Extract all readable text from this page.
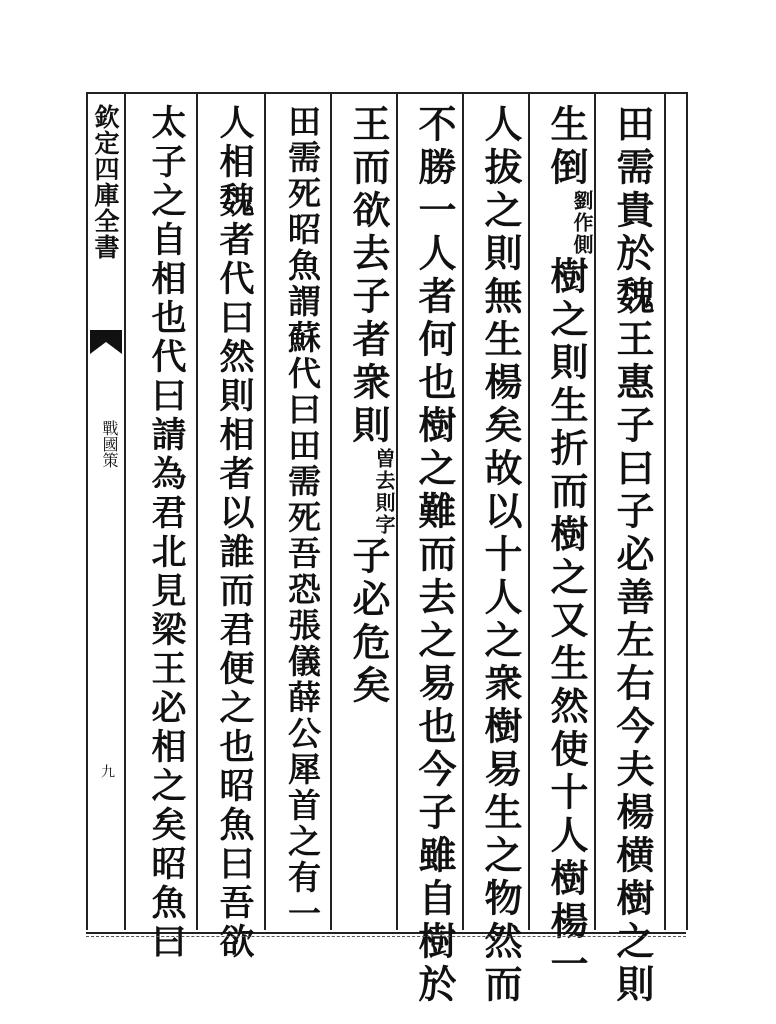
欽定四庫全書
戰國策
九	田需貴於魏王惠子曰子必善左右今夫楊横樹之則
生倒劉作側樹之則生折而樹之又生然使十人樹楊一
人拔之則無生楊矣故以十人之衆樹易生之物然而
不勝一人者何也樹之難而去之易也今子雖自樹於
王而欲去子者衆則曽去則字子必危矣
田需死昭魚謂蘇代曰田需死吾恐張儀薛公犀首之有一
人相魏者代曰然則相者以誰而君便之也昭魚曰吾欲
太子之自相也代曰請為君北見梁王必相之矣昭魚曰
